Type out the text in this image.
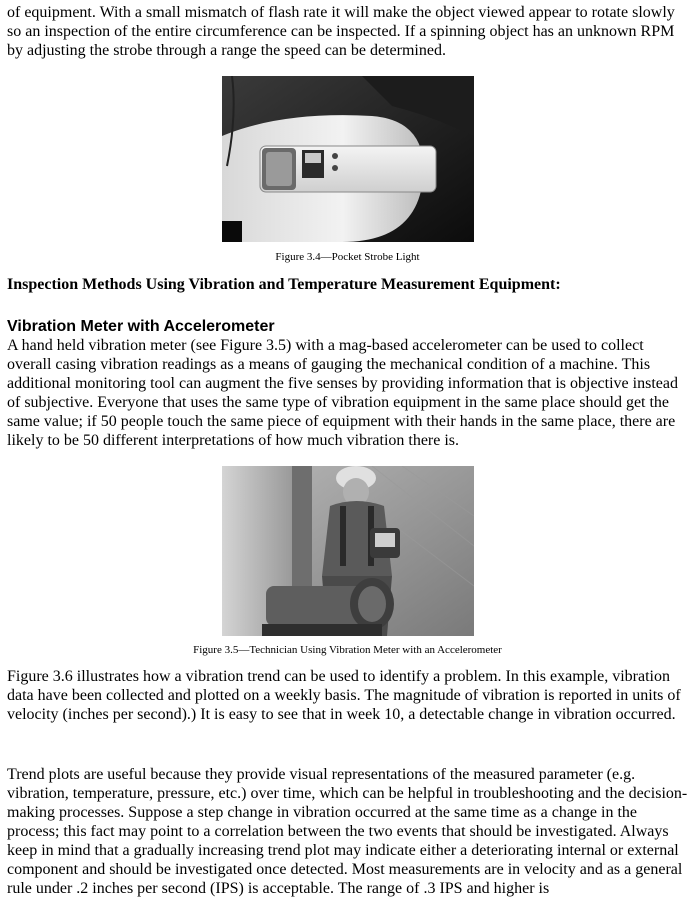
of equipment. With a small mismatch of flash rate it will make the object viewed appear to rotate slowly so an inspection of the entire circumference can be inspected. If a spinning object has an unknown RPM by adjusting the strobe through a range the speed can be determined.

Figure 3.4—Pocket Strobe Light
Inspection Methods Using Vibration and Temperature Measurement Equipment:
Vibration Meter with Accelerometer

A hand held vibration meter (see Figure 3.5) with a mag-based accelerometer can be used to collect overall casing vibration readings as a means of gauging the mechanical condition of a machine. This additional monitoring tool can augment the five senses by providing information that is objective instead of subjective. Everyone that uses the same type of vibration equipment in the same place should get the same value; if 50 people touch the same piece of equipment with their hands in the same place, there are likely to be 50 different interpretations of how much vibration there is.

Figure 3.5—Technician Using Vibration Meter with an Accelerometer

Figure 3.6 illustrates how a vibration trend can be used to identify a problem. In this example, vibration data have been collected and plotted on a weekly basis. The magnitude of vibration is reported in units of velocity (inches per second).) It is easy to see that in week 10, a detectable change in vibration occurred.

Trend plots are useful because they provide visual representations of the measured parameter (e.g. vibration, temperature, pressure, etc.) over time, which can be helpful in troubleshooting and the decision-making processes. Suppose a step change in vibration occurred at the same time as a change in the process; this fact may point to a correlation between the two events that should be investigated. Always keep in mind that a gradually increasing trend plot may indicate either a deteriorating internal or external component and should be investigated once detected. Most measurements are in velocity and as a general rule under .2 inches per second (IPS) is acceptable. The range of .3 IPS and higher is
